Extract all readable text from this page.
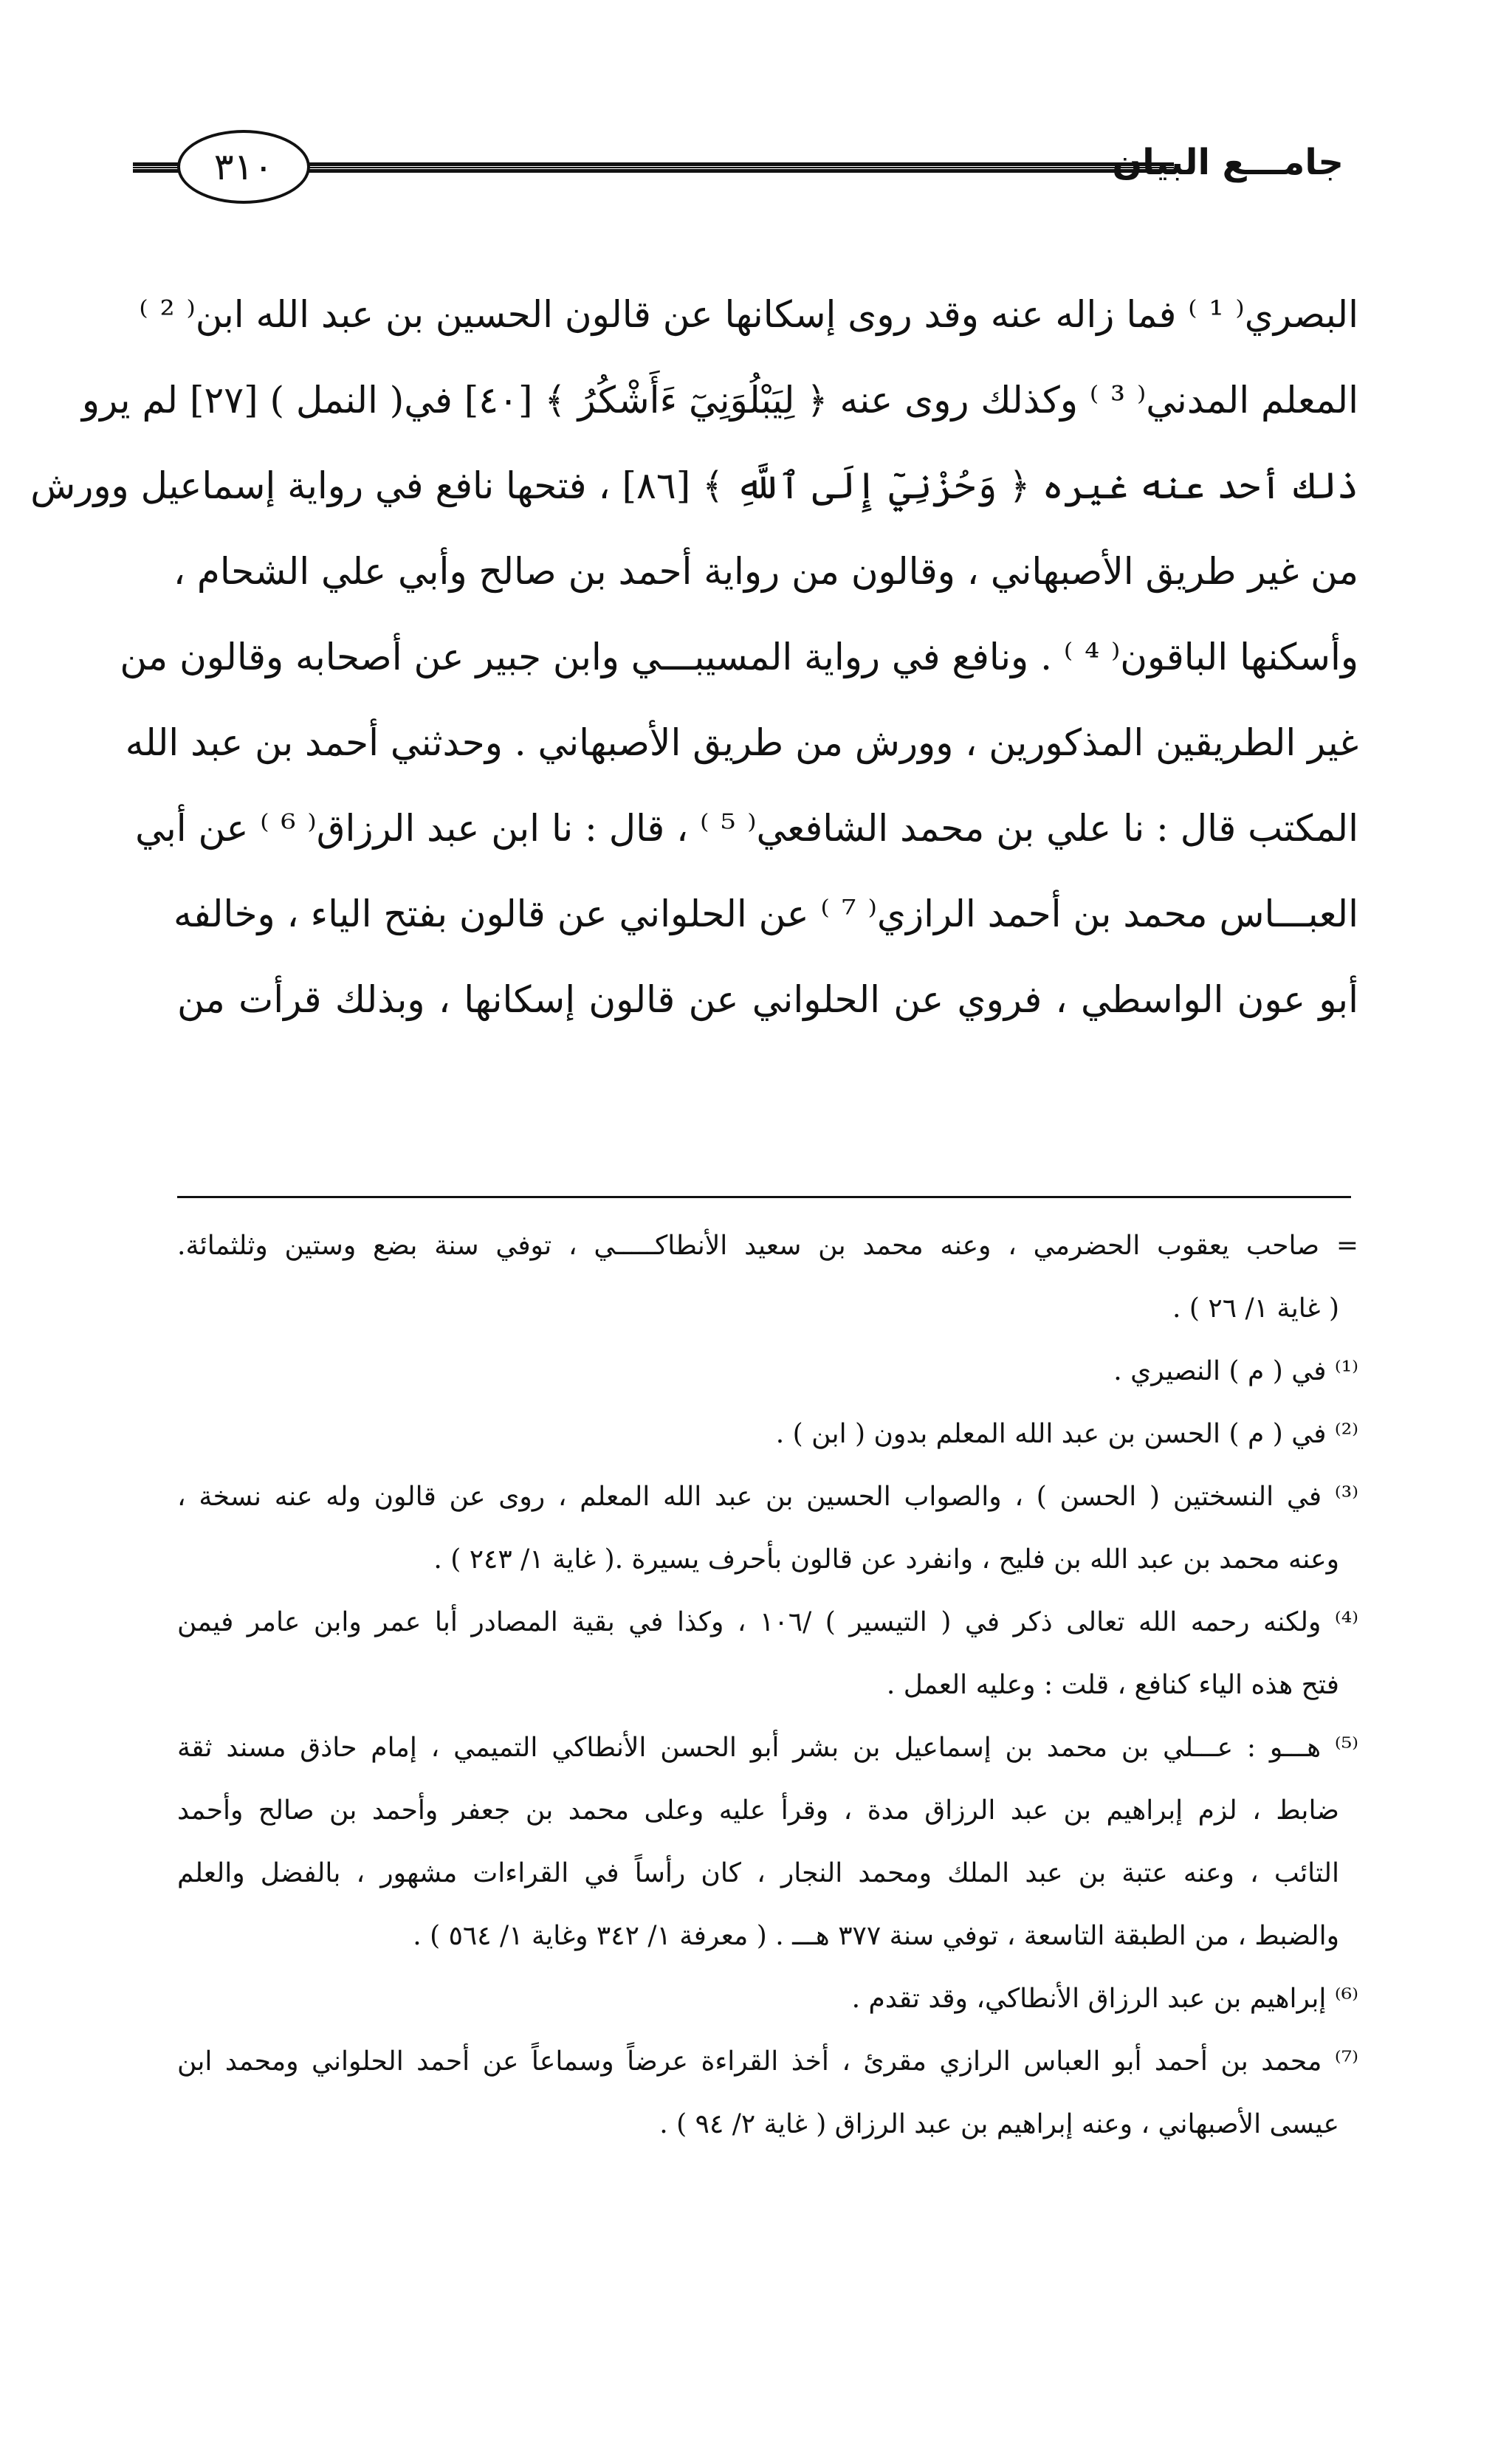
٣١٠	جامـــع البيان
البصري⁽ ¹ ⁾ فما زاله عنه وقد روى إسكانها عن قالون الحسين بن عبد الله ابن⁽ ² ⁾
المعلم المدني⁽ ³ ⁾ وكذلك روى عنه ﴿ لِيَبْلُوَنِيٓ ءَأَشْكُرُ ﴾ [٤٠] في( النمل ) [٢٧] لم يرو
ذلك أحد عنه غيره ﴿ وَحُزْنِيٓ إِلَى ٱللَّهِ ﴾ [٨٦] ، فتحها نافع في رواية إسماعيل وورش
من غير طريق الأصبهاني ، وقالون من رواية أحمد بن صالح وأبي علي الشحام ،
وأسكنها الباقون⁽ ⁴ ⁾ . ونافع في رواية المسيبـــي وابن جبير عن أصحابه وقالون من
غير الطريقين المذكورين ، وورش من طريق الأصبهاني . وحدثني أحمد بن عبد الله
المكتب قال : نا علي بن محمد الشافعي⁽ ⁵ ⁾ ، قال : نا ابن عبد الرزاق⁽ ⁶ ⁾ عن أبي
العبـــاس محمد بن أحمد الرازي⁽ ⁷ ⁾ عن الحلواني عن قالون بفتح الياء ، وخالفه
أبو عون الواسطي ، فروي عن الحلواني عن قالون إسكانها ، وبذلك قرأت من
= صاحب يعقوب الحضرمي ، وعنه محمد بن سعيد الأنطاكـــــي ، توفي سنة بضع وستين وثلثمائة.
( غاية ١/ ٢٦ ) .
⁽¹⁾ في ( م ) النصيري .
⁽²⁾ في ( م ) الحسن بن عبد الله المعلم بدون ( ابن ) .
⁽³⁾ في النسختين ( الحسن ) ، والصواب الحسين بن عبد الله المعلم ، روى عن قالون وله عنه نسخة ،
وعنه محمد بن عبد الله بن فليح ، وانفرد عن قالون بأحرف يسيرة .( غاية ١/ ٢٤٣ ) .
⁽⁴⁾ ولكنه رحمه الله تعالى ذكر في ( التيسير ) /١٠٦ ، وكذا في بقية المصادر أبا عمر وابن عامر فيمن
فتح هذه الياء كنافع ، قلت : وعليه العمل .
⁽⁵⁾ هـــو : عـــلي بن محمد بن إسماعيل بن بشر أبو الحسن الأنطاكي التميمي ، إمام حاذق مسند ثقة
ضابط ، لزم إبراهيم بن عبد الرزاق مدة ، وقرأ عليه وعلى محمد بن جعفر وأحمد بن صالح وأحمد
التائب ، وعنه عتبة بن عبد الملك ومحمد النجار ، كان رأساً في القراءات مشهور ، بالفضل والعلم
والضبط ، من الطبقة التاسعة ، توفي سنة ٣٧٧ هـــ . ( معرفة ١/ ٣٤٢ وغاية ١/ ٥٦٤ ) .
⁽⁶⁾ إبراهيم بن عبد الرزاق الأنطاكي، وقد تقدم .
⁽⁷⁾ محمد بن أحمد أبو العباس الرازي مقرئ ، أخذ القراءة عرضاً وسماعاً عن أحمد الحلواني ومحمد ابن
عيسى الأصبهاني ، وعنه إبراهيم بن عبد الرزاق ( غاية ٢/ ٩٤ ) .
